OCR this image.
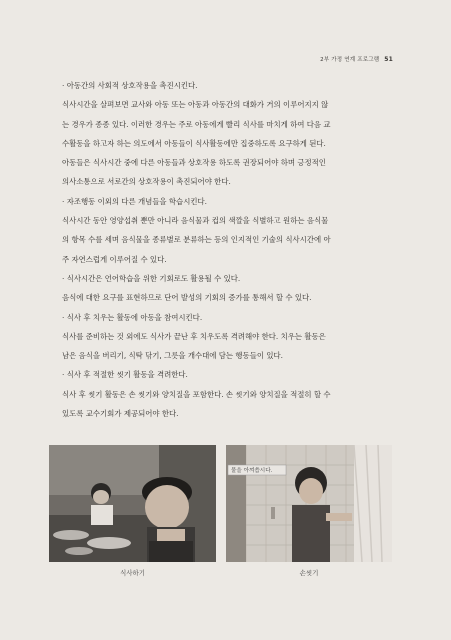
2부 가정 연계 프로그램 51

· 아동간의 사회적 상호작용을 촉진시킨다.

식사시간을 살펴보면 교사와 아동 또는 아동과 아동간의 대화가 거의 이루어지지 않

는 경우가 종종 있다. 이러한 경우는 주로 아동에게 빨리 식사를 마치게 하여 다음 교

수활동을 하고자 하는 의도에서 아동들이 식사활동에만 집중하도록 요구하게 된다.

아동들은 식사시간 중에 다른 아동들과 상호작용 하도록 권장되어야 하며 긍정적인

의사소통으로 서로간의 상호작용이 촉진되어야 한다.

· 자조행동 이외의 다른 개념들을 학습시킨다.

식사시간 동안 영양섭취 뿐만 아니라 음식물과 컵의 색깔을 식별하고 원하는 음식물

의 항목 수를 세며 음식물을 종류별로 분류하는 등의 인지적인 기술의 식사시간에 아

주 자연스럽게 이루어질 수 있다.

· 식사시간은 언어학습을 위한 기회로도 활용될 수 있다.

음식에 대한 요구를 표현하므로 단어 발성의 기회의 증가를 통해서 할 수 있다.

· 식사 후 치우는 활동에 아동을 참여시킨다.

식사를 준비하는 것 외에도 식사가 끝난 후 치우도록 격려해야 한다. 치우는 활동은

남은 음식을 버리기, 식탁 닦기, 그릇을 개수대에 담는 행동들이 있다.

· 식사 후 적절한 씻기 활동을 격려한다.

식사 후 씻기 활동은 손 씻기와 양치질을 포함한다. 손 씻기와 양치질을 적절히 할 수

있도록 교수기회가 제공되어야 한다.

식사하기
물을 아껴씁시다.
손씻기
